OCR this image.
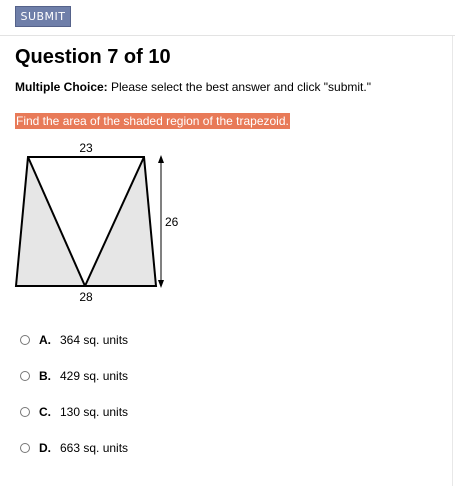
SUBMIT
Question 7 of 10
Multiple Choice: Please select the best answer and click "submit."
Find the area of the shaded region of the trapezoid.
23
28
26
A. 364 sq. units
B. 429 sq. units
C. 130 sq. units
D. 663 sq. units
